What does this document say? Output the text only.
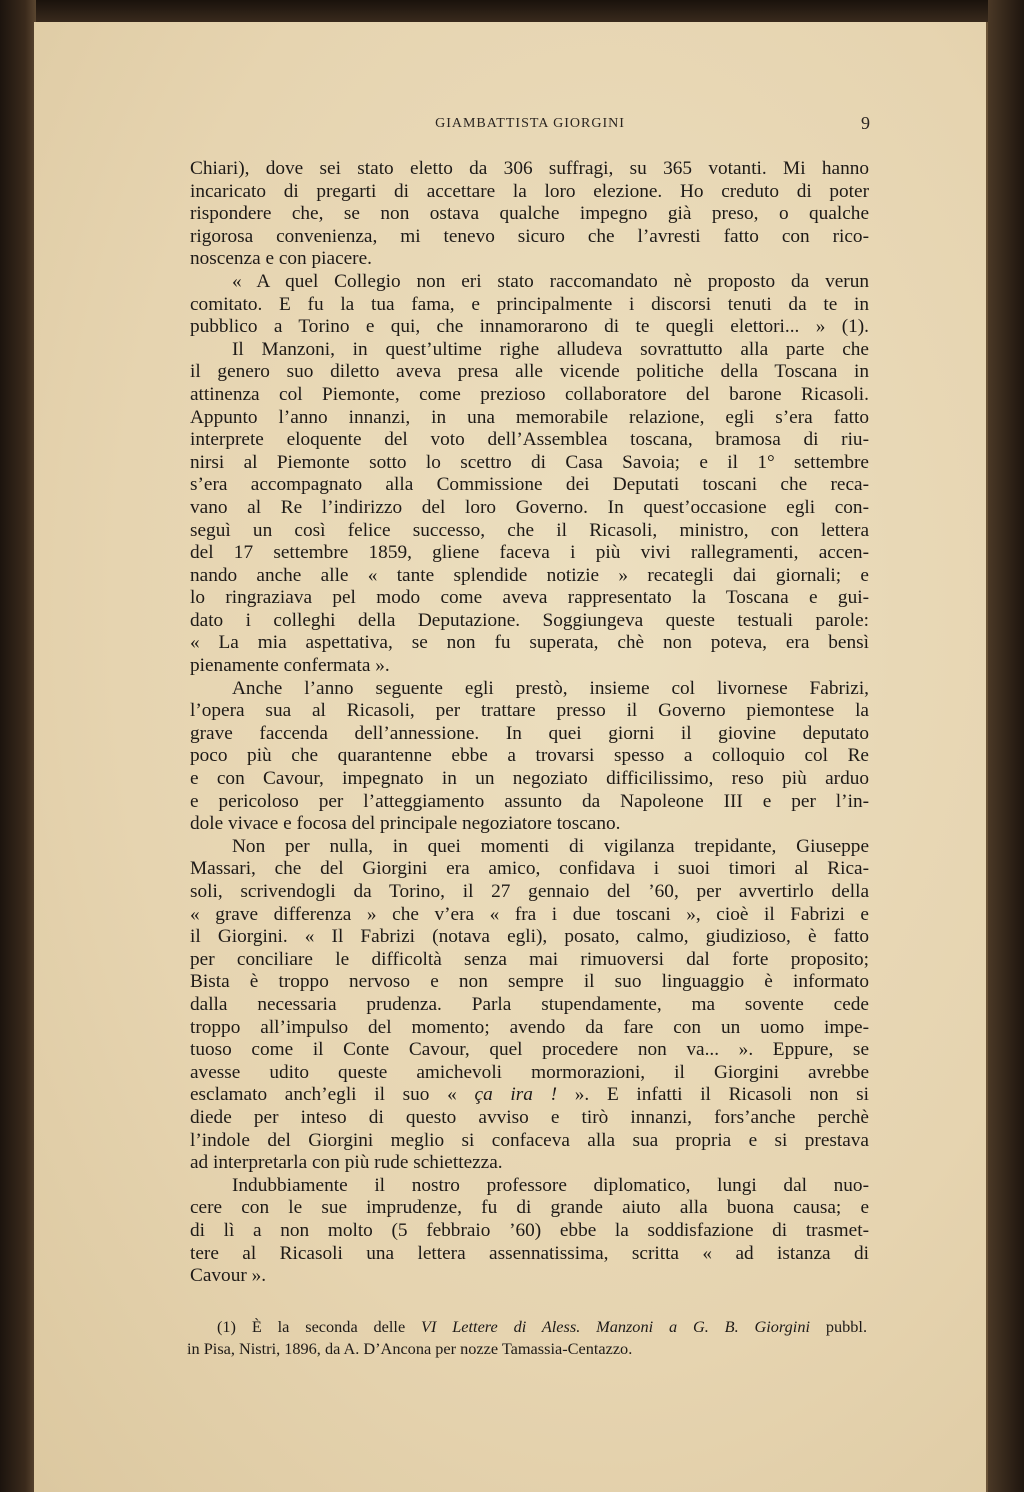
GIAMBATTISTA GIORGINI	9
Chiari), dove sei stato eletto da 306 suffragi, su 365 votanti. Mi hanno
incaricato di pregarti di accettare la loro elezione. Ho creduto di poter
rispondere che, se non ostava qualche impegno già preso, o qualche
rigorosa convenienza, mi tenevo sicuro che l’avresti fatto con rico-
noscenza e con piacere.
« A quel Collegio non eri stato raccomandato nè proposto da verun
comitato. E fu la tua fama, e principalmente i discorsi tenuti da te in
pubblico a Torino e qui, che innamorarono di te quegli elettori... » (1).
Il Manzoni, in quest’ultime righe alludeva sovrattutto alla parte che
il genero suo diletto aveva presa alle vicende politiche della Toscana in
attinenza col Piemonte, come prezioso collaboratore del barone Ricasoli.
Appunto l’anno innanzi, in una memorabile relazione, egli s’era fatto
interprete eloquente del voto dell’Assemblea toscana, bramosa di riu-
nirsi al Piemonte sotto lo scettro di Casa Savoia; e il 1° settembre
s’era accompagnato alla Commissione dei Deputati toscani che reca-
vano al Re l’indirizzo del loro Governo. In quest’occasione egli con-
seguì un così felice successo, che il Ricasoli, ministro, con lettera
del 17 settembre 1859, gliene faceva i più vivi rallegramenti, accen-
nando anche alle « tante splendide notizie » recategli dai giornali; e
lo ringraziava pel modo come aveva rappresentato la Toscana e gui-
dato i colleghi della Deputazione. Soggiungeva queste testuali parole:
« La mia aspettativa, se non fu superata, chè non poteva, era bensì
pienamente confermata ».
Anche l’anno seguente egli prestò, insieme col livornese Fabrizi,
l’opera sua al Ricasoli, per trattare presso il Governo piemontese la
grave faccenda dell’annessione. In quei giorni il giovine deputato
poco più che quarantenne ebbe a trovarsi spesso a colloquio col Re
e con Cavour, impegnato in un negoziato difficilissimo, reso più arduo
e pericoloso per l’atteggiamento assunto da Napoleone III e per l’in-
dole vivace e focosa del principale negoziatore toscano.
Non per nulla, in quei momenti di vigilanza trepidante, Giuseppe
Massari, che del Giorgini era amico, confidava i suoi timori al Rica-
soli, scrivendogli da Torino, il 27 gennaio del ’60, per avvertirlo della
« grave differenza » che v’era « fra i due toscani », cioè il Fabrizi e
il Giorgini. « Il Fabrizi (notava egli), posato, calmo, giudizioso, è fatto
per conciliare le difficoltà senza mai rimuoversi dal forte proposito;
Bista è troppo nervoso e non sempre il suo linguaggio è informato
dalla necessaria prudenza. Parla stupendamente, ma sovente cede
troppo all’impulso del momento; avendo da fare con un uomo impe-
tuoso come il Conte Cavour, quel procedere non va... ». Eppure, se
avesse udito queste amichevoli mormorazioni, il Giorgini avrebbe
esclamato anch’egli il suo « ça ira ! ». E infatti il Ricasoli non si
diede per inteso di questo avviso e tirò innanzi, fors’anche perchè
l’indole del Giorgini meglio si confaceva alla sua propria e si prestava
ad interpretarla con più rude schiettezza.
Indubbiamente il nostro professore diplomatico, lungi dal nuo-
cere con le sue imprudenze, fu di grande aiuto alla buona causa; e
di lì a non molto (5 febbraio ’60) ebbe la soddisfazione di trasmet-
tere al Ricasoli una lettera assennatissima, scritta « ad istanza di
Cavour ».
(1) È la seconda delle VI Lettere di Aless. Manzoni a G. B. Giorgini pubbl.
in Pisa, Nistri, 1896, da A. D’Ancona per nozze Tamassia-Centazzo.
